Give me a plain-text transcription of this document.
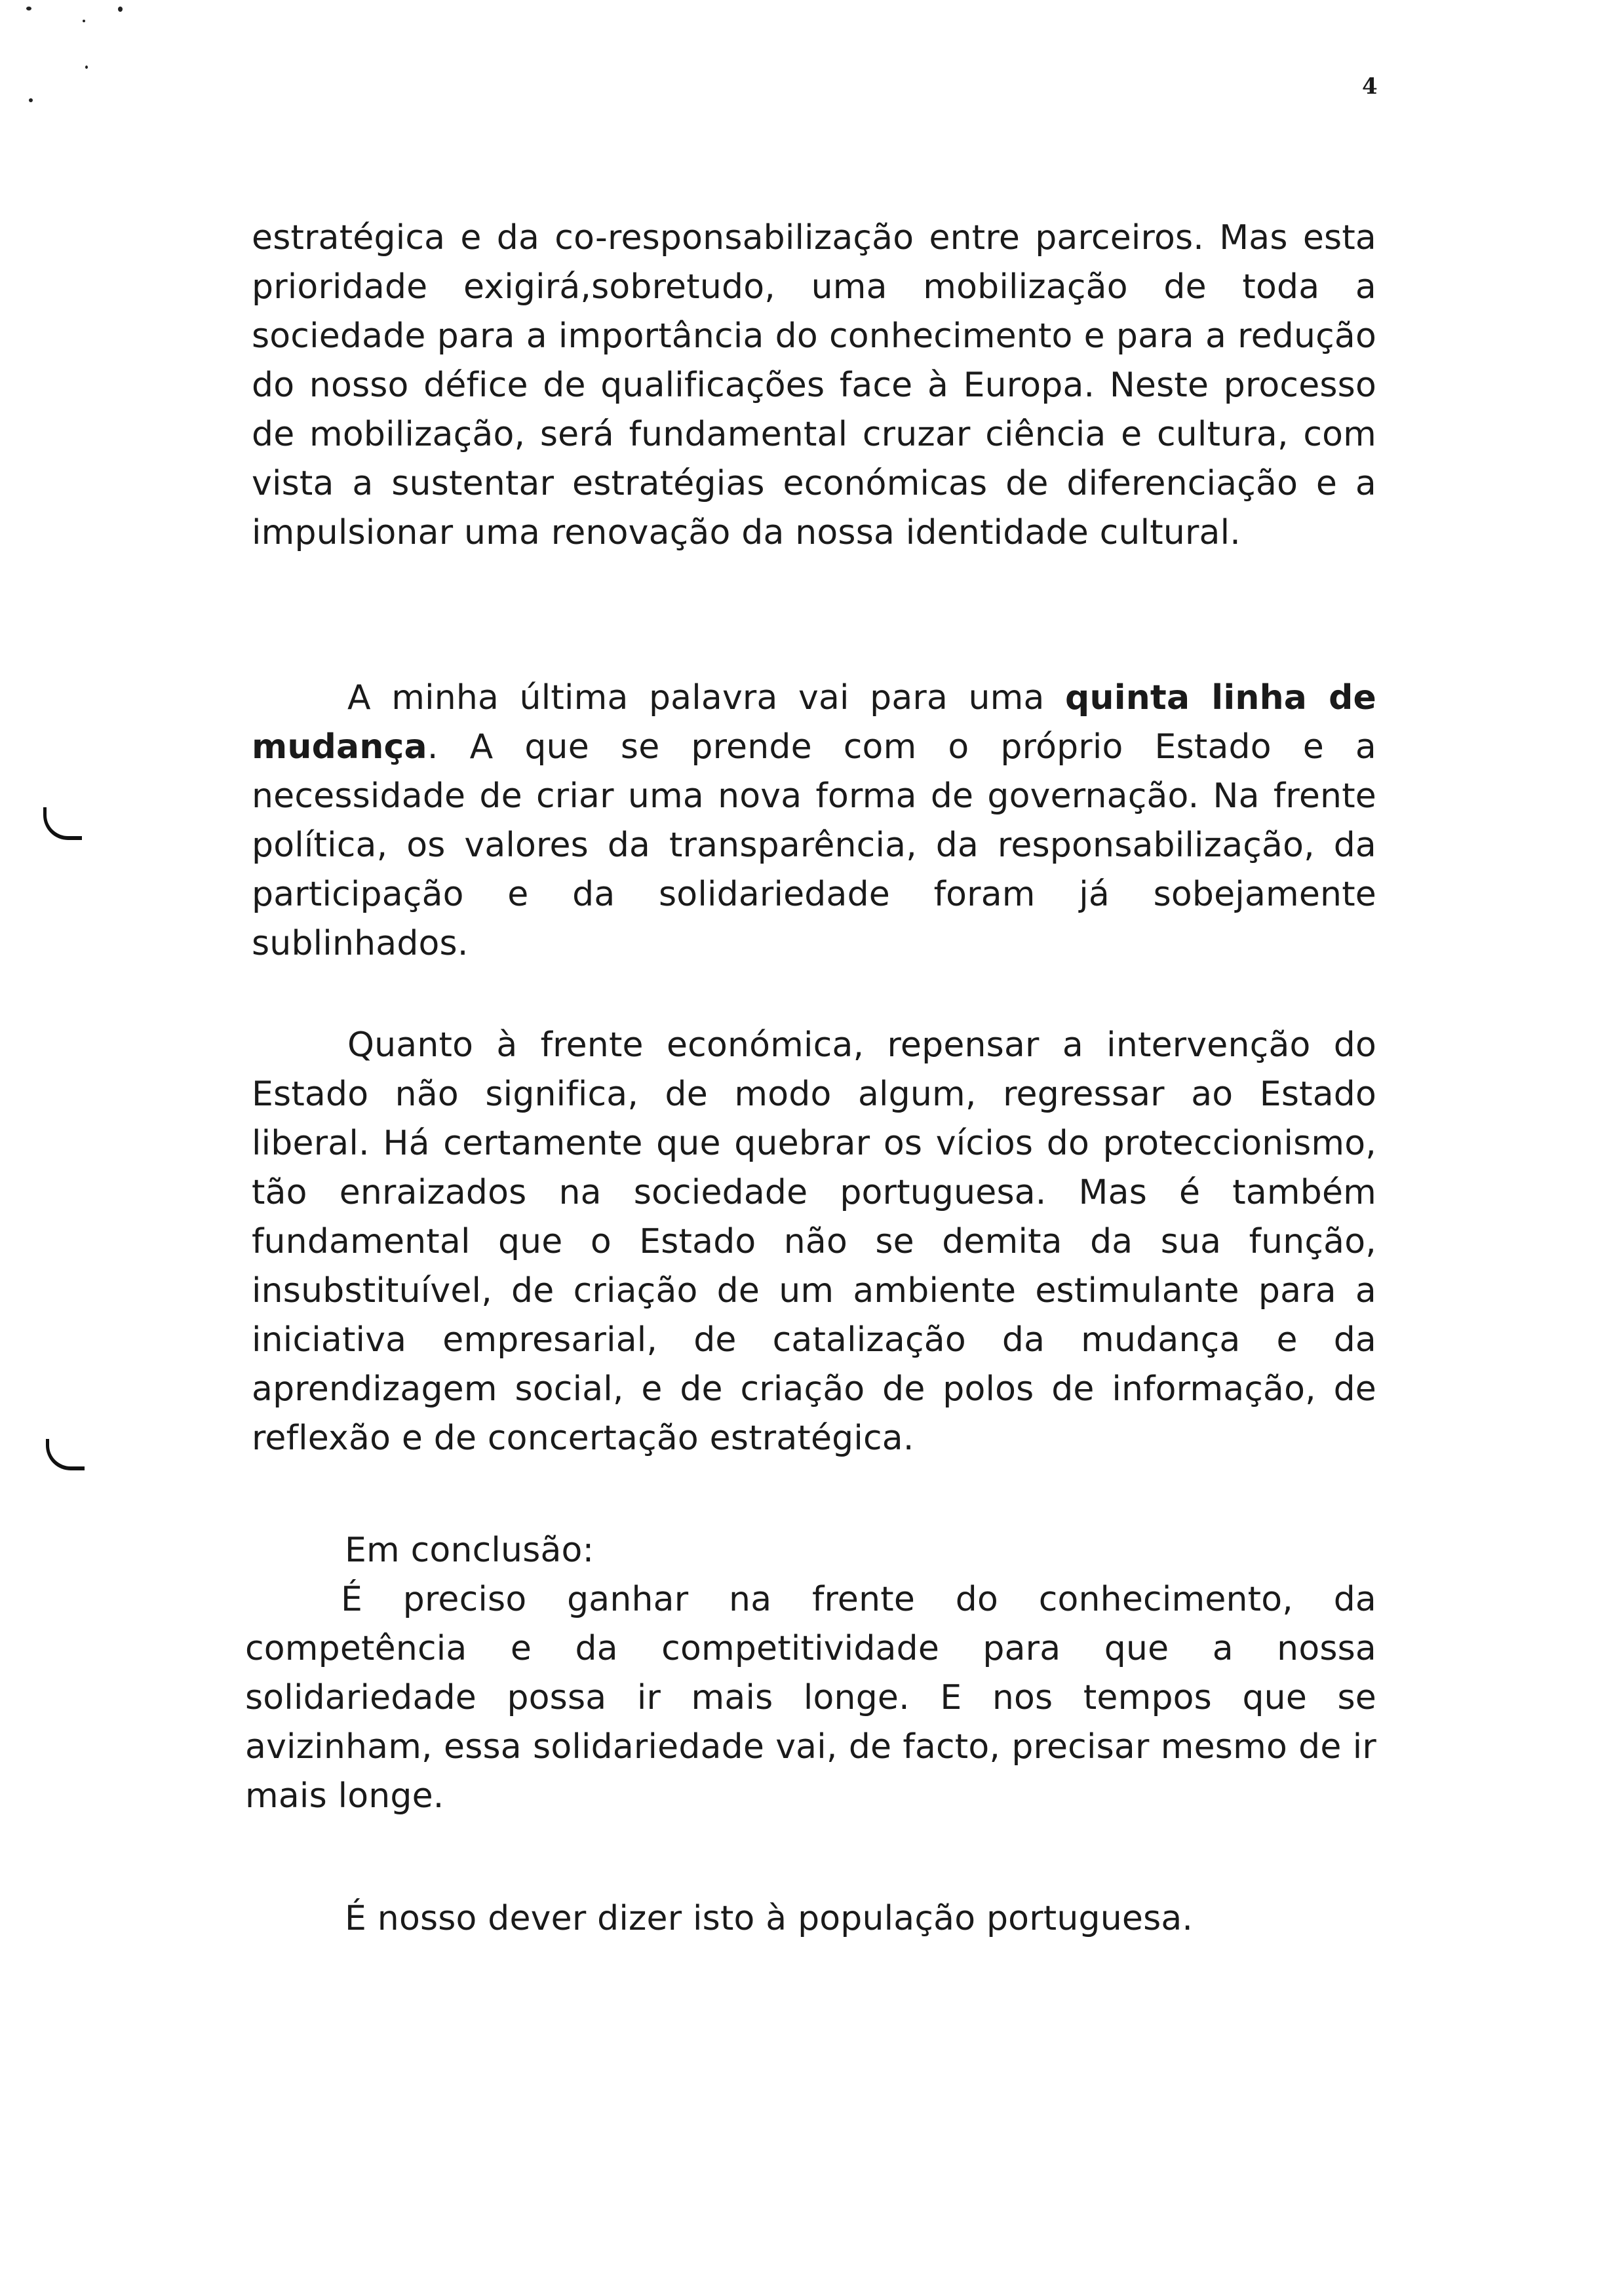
4

estratégica e da co-responsabilização entre parceiros. Mas esta prioridade exigirá,sobretudo, uma mobilização de toda a sociedade para a importância do conhecimento e para a redução do nosso défice de qualificações face à Europa. Neste processo de mobilização, será fundamental cruzar ciência e cultura, com vista a sustentar estratégias económicas de diferenciação e a impulsionar uma renovação da nossa identidade cultural.

A minha última palavra vai para uma quinta linha de mudança. A que se prende com o próprio Estado e a necessidade de criar uma nova forma de governação. Na frente política, os valores da transparência, da responsabilização, da participação e da solidariedade foram já sobejamente sublinhados.

Quanto à frente económica, repensar a intervenção do Estado não significa, de modo algum, regressar ao Estado liberal. Há certamente que quebrar os vícios do proteccionismo, tão enraizados na sociedade portuguesa. Mas é também fundamental que o Estado não se demita da sua função, insubstituível, de criação de um ambiente estimulante para a iniciativa empresarial, de catalização da mudança e da aprendizagem social, e de criação de polos de informação, de reflexão e de concertação estratégica.

Em conclusão:

É preciso ganhar na frente do conhecimento, da competência e da competitividade para que a nossa solidariedade possa ir mais longe. E nos tempos que se avizinham, essa solidariedade vai, de facto, precisar mesmo de ir mais longe.

É nosso dever dizer isto à população portuguesa.
